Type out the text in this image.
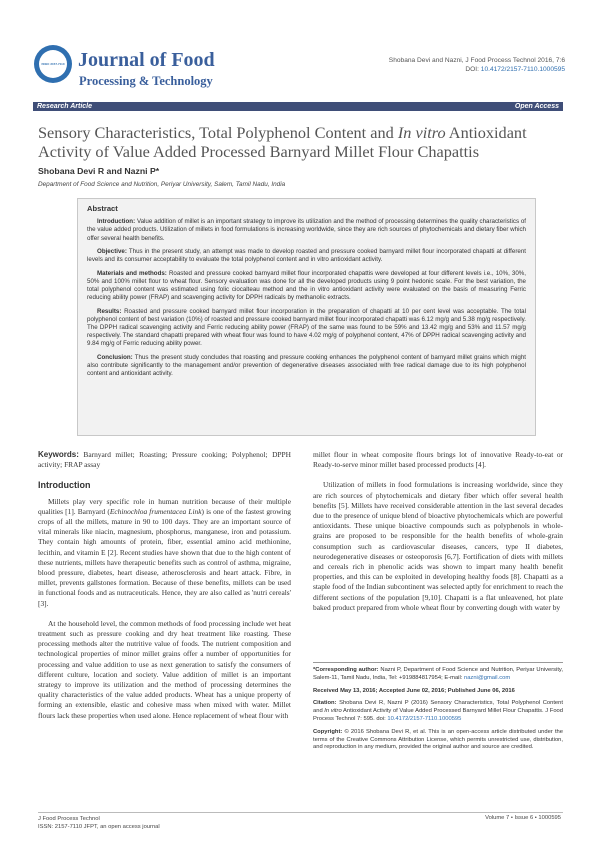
ISSN: 2157-7110 Journal of Food
Processing & Technology
Shobana Devi and Nazni, J Food Process Technol 2016, 7:6
DOI: 10.4172/2157-7110.1000595
Research Article	Open Access
Sensory Characteristics, Total Polyphenol Content and In vitro Antioxidant Activity of Value Added Processed Barnyard Millet Flour Chapattis
Shobana Devi R and Nazni P*
Department of Food Science and Nutrition, Periyar University, Salem, Tamil Nadu, India
Abstract

Introduction: Value addition of millet is an important strategy to improve its utilization and the method of processing determines the quality characteristics of the value added products. Utilization of millets in food formulations is increasing worldwide, since they are rich sources of phytochemicals and dietary fiber which offer several health benefits.

Objective: Thus in the present study, an attempt was made to develop roasted and pressure cooked barnyard millet flour incorporated chapatti at different levels and its consumer acceptability to evaluate the total polyphenol content and in vitro antioxidant activity.

Materials and methods: Roasted and pressure cooked barnyard millet flour incorporated chapattis were developed at four different levels i.e., 10%, 30%, 50% and 100% millet flour to wheat flour. Sensory evaluation was done for all the developed products using 9 point hedonic scale. For the best variation, the total polyphenol content was estimated using folic ciocalteau method and the in vitro antioxidant activity were evaluated on the basis of measuring Ferric reducing ability power (FRAP) and scavenging activity for DPPH radicals by methanolic extracts.

Results: Roasted and pressure cooked barnyard millet flour incorporation in the preparation of chapatti at 10 per cent level was acceptable. The total polyphenol content of best variation (10%) of roasted and pressure cooked barnyard millet flour incorporated chapatti was 6.12 mg/g and 5.38 mg/g respectively. The DPPH radical scavenging activity and Ferric reducing ability power (FRAP) of the same was found to be 59% and 13.42 mg/g and 53% and 11.57 mg/g respectively. The standard chapatti prepared with wheat flour was found to have 4.02 mg/g of polyphenol content, 47% of DPPH radical scavenging activity and 9.84 mg/g of Ferric reducing ability power.

Conclusion: Thus the present study concludes that roasting and pressure cooking enhances the polyphenol content of barnyard millet grains which might also contribute significantly to the management and/or prevention of degenerative diseases associated with free radical damage due to its high polyphenol content and antioxidant activity.

Keywords: Barnyard millet; Roasting; Pressure cooking; Polyphenol; DPPH activity; FRAP assay

Introduction

Millets play very specific role in human nutrition because of their multiple qualities [1]. Barnyard (Echinochloa frumentacea Link) is one of the fastest growing crops of all the millets, mature in 90 to 100 days. They are an important source of vital minerals like niacin, magnesium, phosphorus, manganese, iron and potassium. They contain high amounts of protein, fiber, essential amino acid methionine, lecithin, and vitamin E [2]. Recent studies have shown that due to the high content of these nutrients, millets have therapeutic benefits such as control of asthma, migraine, blood pressure, diabetes, heart disease, atherosclerosis and heart attack. Fibre, in millet, prevents gallstones formation. Because of these benefits, millets can be used in functional foods and as nutraceuticals. Hence, they are also called as 'nutri cereals' [3].

At the household level, the common methods of food processing include wet heat treatment such as pressure cooking and dry heat treatment like roasting. These processing methods alter the nutritive value of foods. The nutrient composition and technological properties of minor millet grains offer a number of opportunities for processing and value addition to use as next generation to satisfy the consumers of different culture, location and society. Value addition of millet is an important strategy to improve its utilization and the method of processing determines the quality characteristics of the value added products. Wheat has a unique property of forming an extensible, elastic and cohesive mass when mixed with water. Millet flours lack these properties when used alone. Hence replacement of wheat flour with

millet flour in wheat composite flours brings lot of innovative Ready-to-eat or Ready-to-serve minor millet based processed products [4].

Utilization of millets in food formulations is increasing worldwide, since they are rich sources of phytochemicals and dietary fiber which offer several health benefits [5]. Millets have received considerable attention in the last several decades due to the presence of unique blend of bioactive phytochemicals which are powerful antioxidants. These unique bioactive compounds such as polyphenols in whole-grains are proposed to be responsible for the health benefits of whole-grain consumption such as cardiovascular diseases, cancers, type II diabetes, neurodegenerative diseases or osteoporosis [6,7]. Fortification of diets with millets and cereals rich in phenolic acids was shown to impart many health benefit properties, and this can be exploited in developing healthy foods [8]. Chapatti as a staple food of the Indian subcontinent was selected aptly for enrichment to reach the different sections of the population [9,10]. Chapatti is a flat unleavened, hot plate baked product prepared from whole wheat flour by converting dough with water by

*Corresponding author: Nazni P, Department of Food Science and Nutrition, Periyar University, Salem-11, Tamil Nadu, India, Tel: +919884817954; E-mail: nazni@gmail.com

Received May 13, 2016; Accepted June 02, 2016; Published June 06, 2016

Citation: Shobana Devi R, Nazni P (2016) Sensory Characteristics, Total Polyphenol Content and In vitro Antioxidant Activity of Value Added Processed Barnyard Millet Flour Chapattis. J Food Process Technol 7: 595. doi: 10.4172/2157-7110.1000595

Copyright: © 2016 Shobana Devi R, et al. This is an open-access article distributed under the terms of the Creative Commons Attribution License, which permits unrestricted use, distribution, and reproduction in any medium, provided the original author and source are credited.

J Food Process Technol
ISSN: 2157-7110 JFPT, an open access journal
Volume 7 • Issue 6 • 1000595
